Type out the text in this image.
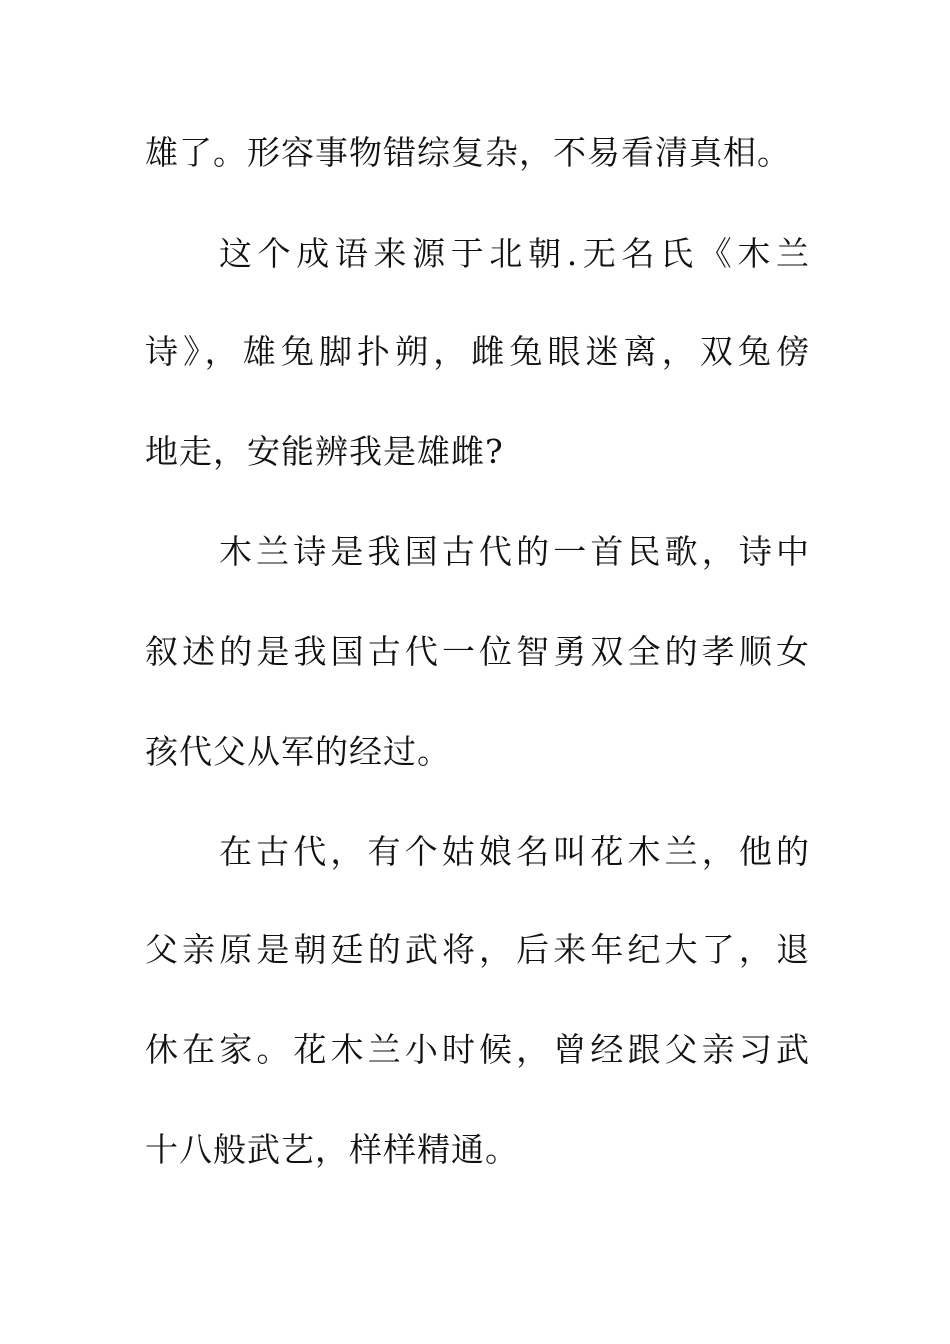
雄了。形容事物错综复杂，不易看清真相。
这个成语来源于北朝.无名氏《木兰
诗》，雄兔脚扑朔，雌兔眼迷离，双兔傍
地走，安能辨我是雄雌?
木兰诗是我国古代的一首民歌，诗中
叙述的是我国古代一位智勇双全的孝顺女
孩代父从军的经过。
在古代，有个姑娘名叫花木兰，他的
父亲原是朝廷的武将，后来年纪大了，退
休在家。花木兰小时候，曾经跟父亲习武
十八般武艺，样样精通。
